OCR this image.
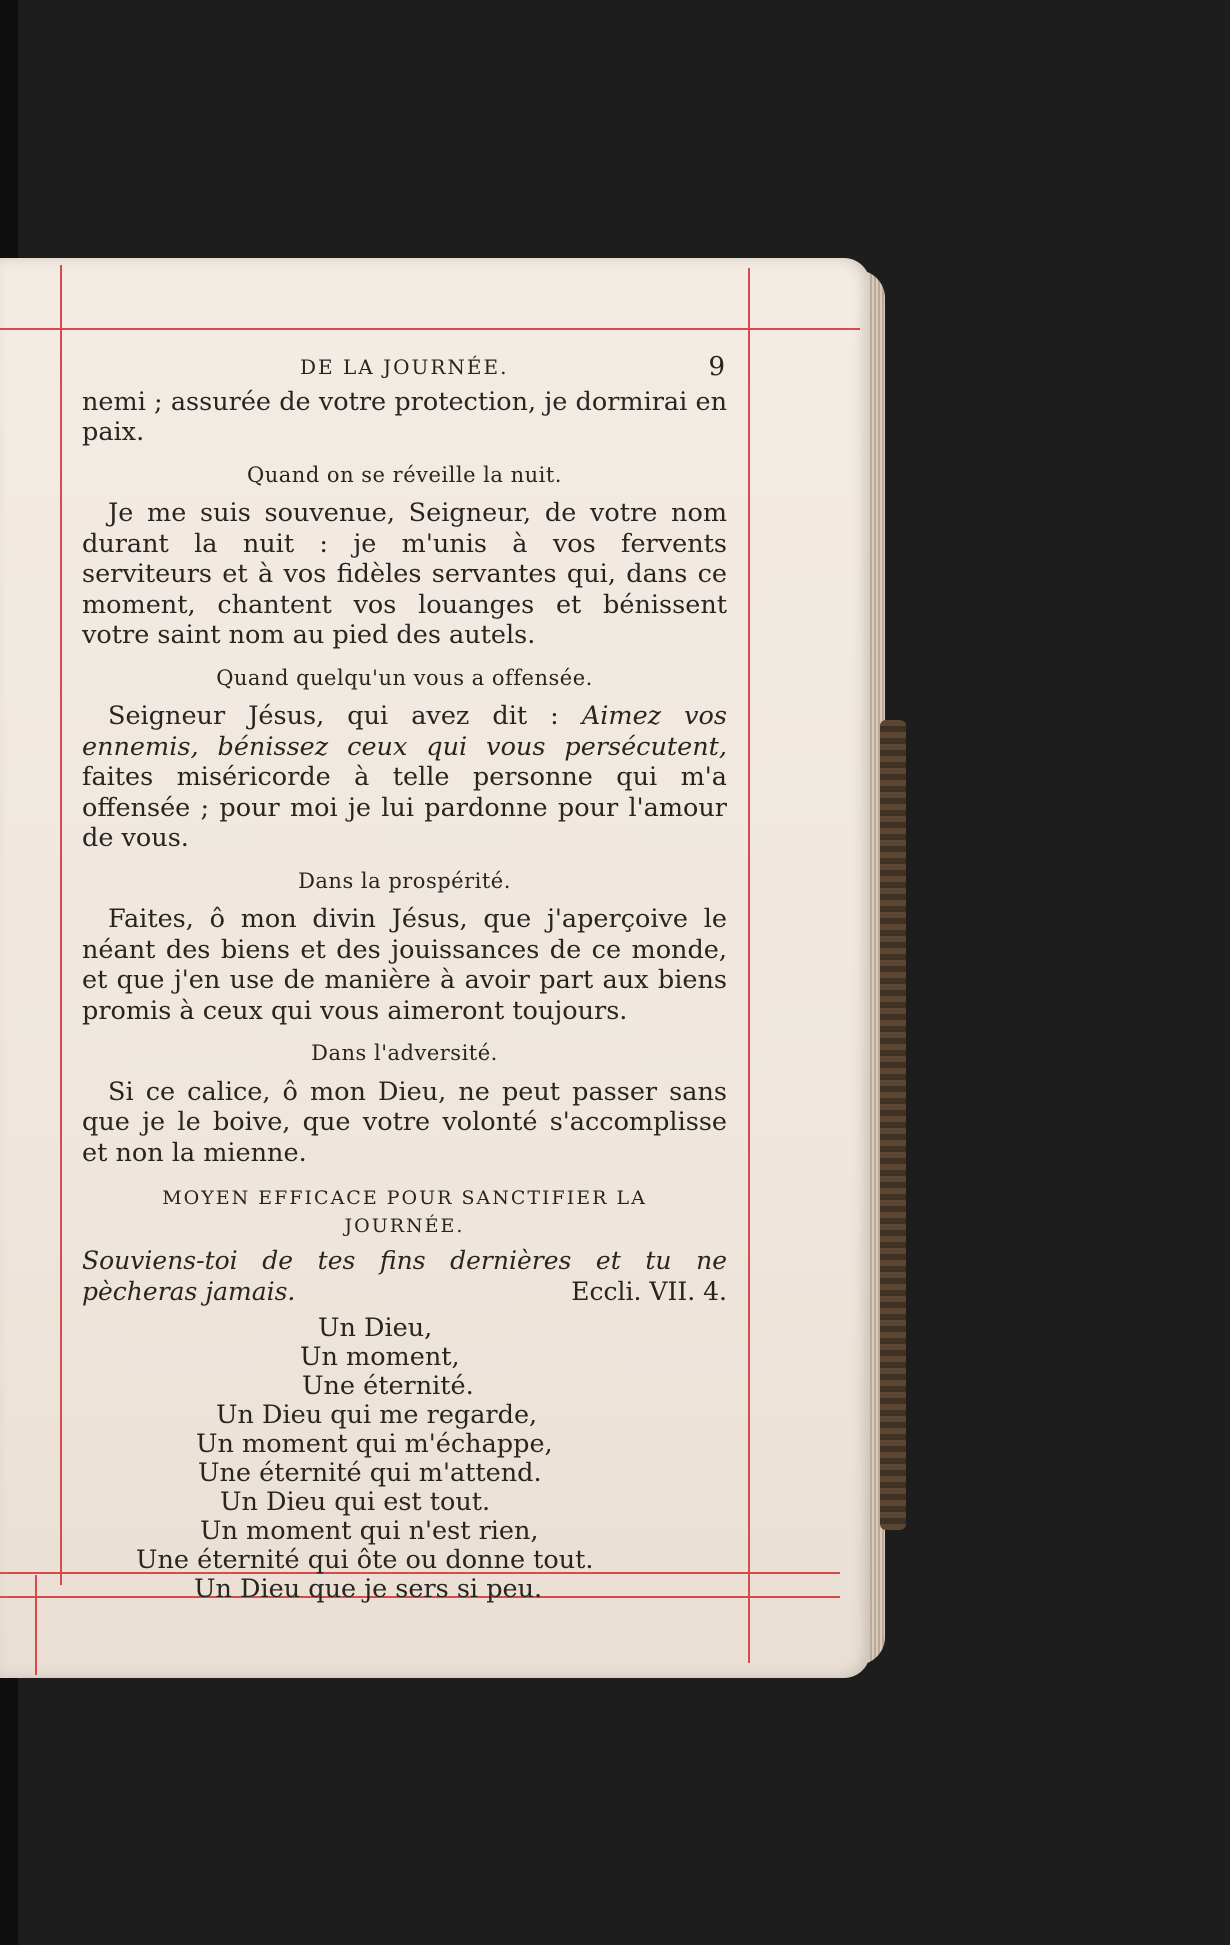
DE LA JOURNÉE.	9

nemi ; assurée de votre protection, je dormirai en paix.

Quand on se réveille la nuit.

Je me suis souvenue, Seigneur, de votre nom durant la nuit : je m'unis à vos fervents serviteurs et à vos fidèles servantes qui, dans ce moment, chantent vos louanges et bénissent votre saint nom au pied des autels.

Quand quelqu'un vous a offensée.

Seigneur Jésus, qui avez dit : Aimez vos ennemis, bénissez ceux qui vous persécutent, faites miséricorde à telle personne qui m'a offensée ; pour moi je lui pardonne pour l'amour de vous.

Dans la prospérité.

Faites, ô mon divin Jésus, que j'aperçoive le néant des biens et des jouissances de ce monde, et que j'en use de manière à avoir part aux biens promis à ceux qui vous aimeront toujours.

Dans l'adversité.

Si ce calice, ô mon Dieu, ne peut passer sans que je le boive, que votre volonté s'accomplisse et non la mienne.

MOYEN EFFICACE POUR SANCTIFIER LA
JOURNÉE.

Souviens-toi de tes fins dernières et tu ne pècheras jamais.	Eccli. VII. 4.
Un Dieu,
Un moment,
Une éternité.
Un Dieu qui me regarde,
Un moment qui m'échappe,
Une éternité qui m'attend.
Un Dieu qui est tout.
Un moment qui n'est rien,
Une éternité qui ôte ou donne tout.
Un Dieu que je sers si peu.
